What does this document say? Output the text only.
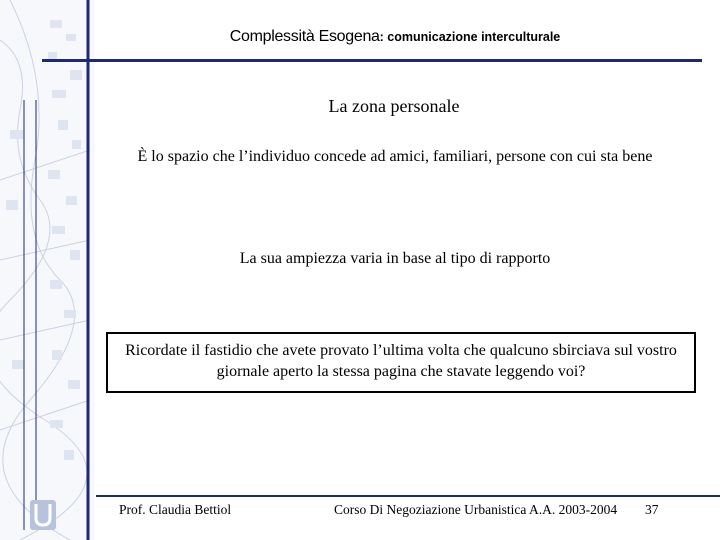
Complessità Esogena: comunicazione interculturale
La zona personale
È lo spazio che l’individuo concede ad amici, familiari, persone con cui sta bene
La sua ampiezza varia in base al tipo di rapporto
Ricordate il fastidio che avete provato l’ultima volta che qualcuno sbirciava sul vostro giornale aperto la stessa pagina che stavate leggendo voi?
Prof. Claudia Bettiol	Corso Di Negoziazione Urbanistica A.A. 2003-2004 37
